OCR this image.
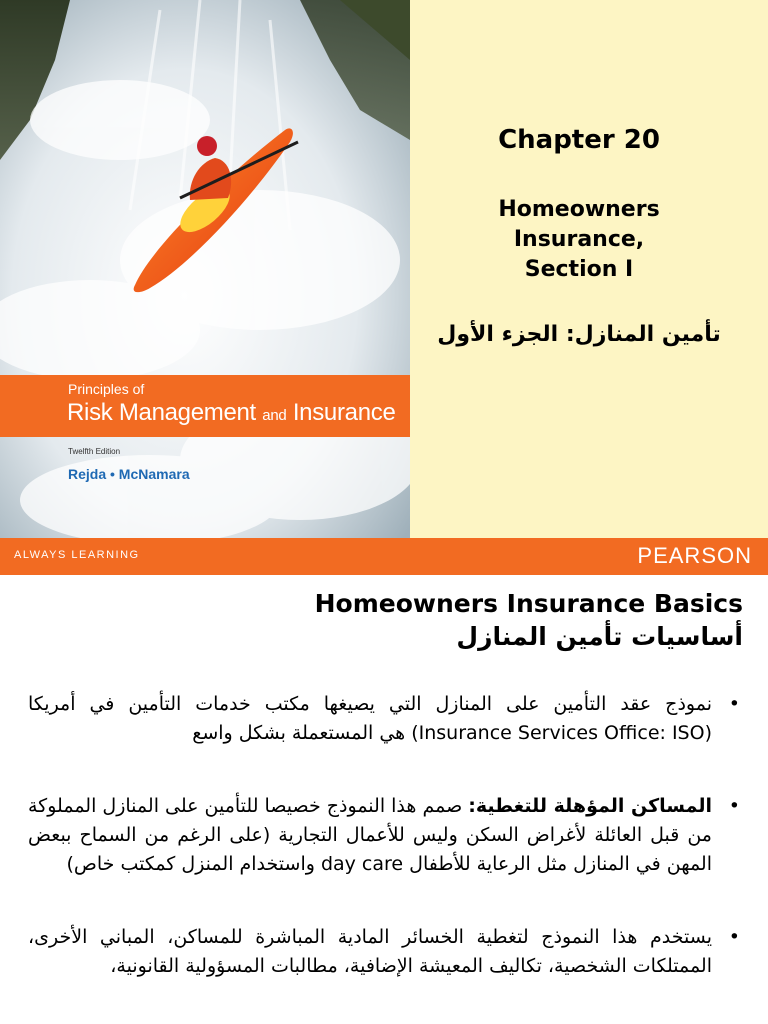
Principles of
Risk Management and Insurance
Twelfth Edition
Rejda • McNamara
Chapter 20
Homeowners
Insurance,
Section I
تأمين المنازل: الجزء الأول
ALWAYS LEARNING	PEARSON
Homeowners Insurance Basics
أساسيات تأمين المنازل
• نموذج عقد التأمين على المنازل التي يصيغها مكتب خدمات التأمين في أمريكا (Insurance Services Office: ISO) هي المستعملة بشكل واسع
• المساكن المؤهلة للتغطية: صمم هذا النموذج خصيصا للتأمين على المنازل المملوكة من قبل العائلة لأغراض السكن وليس للأعمال التجارية (على الرغم من السماح ببعض المهن في المنازل مثل الرعاية للأطفال day care واستخدام المنزل كمكتب خاص)
• يستخدم هذا النموذج لتغطية الخسائر المادية المباشرة للمساكن، المباني الأخرى، الممتلكات الشخصية، تكاليف المعيشة الإضافية، مطالبات المسؤولية القانونية،
